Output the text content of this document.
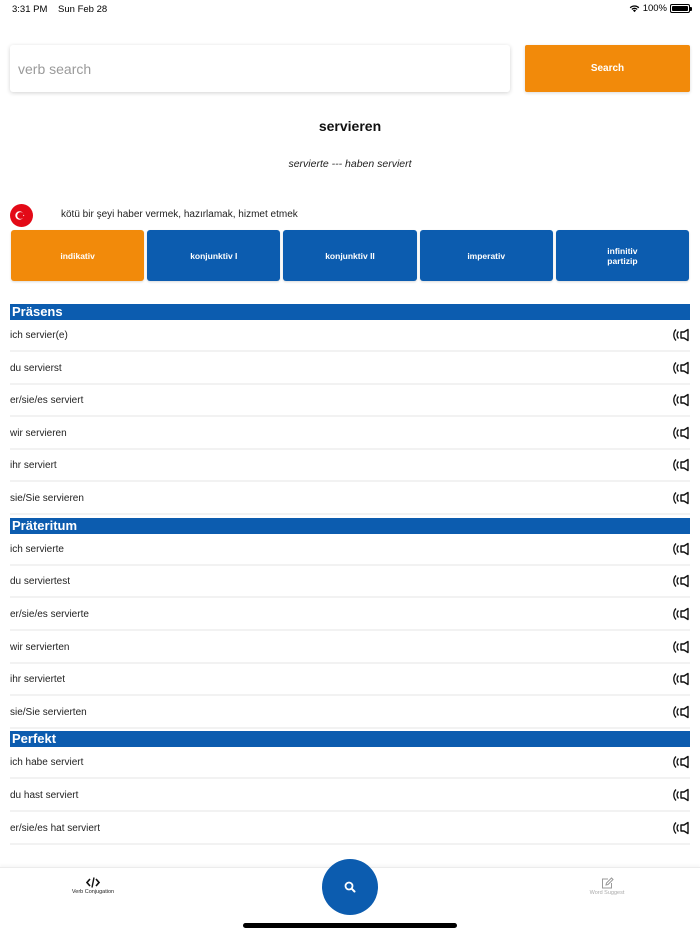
3:31 PM Sun Feb 28	100%
verb search
Search
servieren
servierte --- haben serviert
kötü bir şeyi haber vermek, hazırlamak, hizmet etmek
indikativ	konjunktiv I	konjunktiv II	imperativ	infinitiv
partizip
Präsens
ich servier(e)
du servierst
er/sie/es serviert
wir servieren
ihr serviert
sie/Sie servieren
Präteritum
ich servierte
du serviertest
er/sie/es servierte
wir servierten
ihr serviertet
sie/Sie servierten
Perfekt
ich habe serviert
du hast serviert
er/sie/es hat serviert
Verb Conjugation	Word Suggest
